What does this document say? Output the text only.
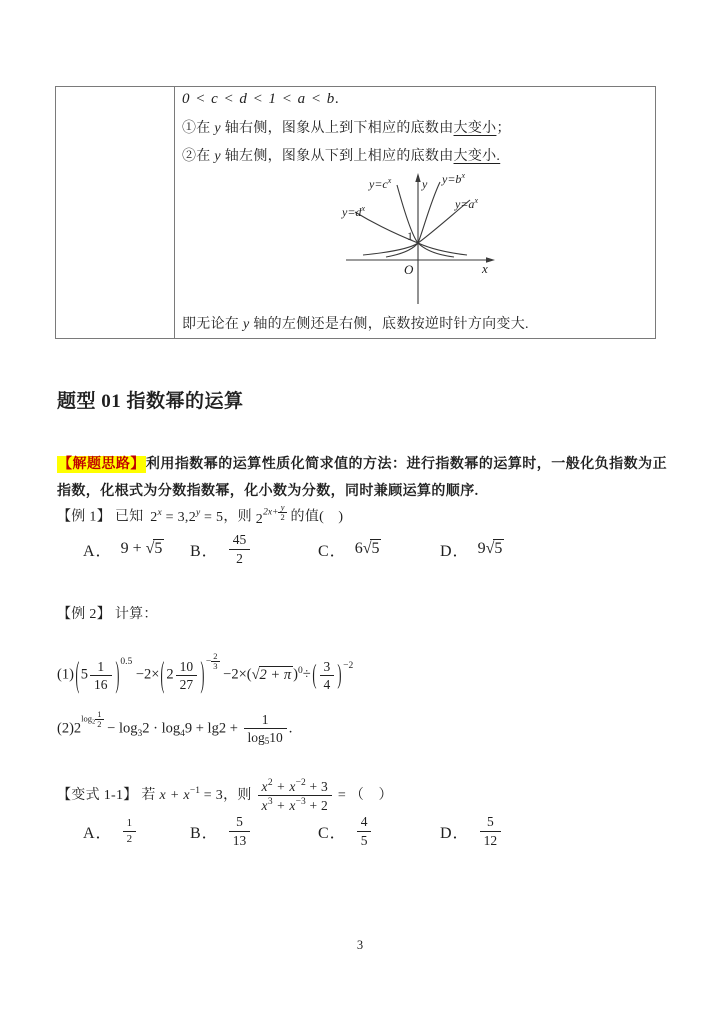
0 < c < d < 1 < a < b.
①在 y 轴右侧，图象从上到下相应的底数由大变小；
②在 y 轴左侧，图象从下到上相应的底数由大变小.
$y=c^x$	y $y=b^x$
$y=a^x$
$y=d^x$
1
O	x
即无论在 y 轴的左侧还是右侧，底数按逆时针方向变大.
题型 01 指数幂的运算

【解题思路】利用指数幂的运算性质化简求值的方法：进行指数幂的运算时，一般化负指数为正指数，化根式为分数指数幂，化小数为分数，同时兼顾运算的顺序.

【例 1】 已知 2x = 3,2y = 5，则 $22x+ \frac{y}{2}$ 的值(　)
A． 9 +
√5 B． $\frac{45}{2}$	C． 6 √5	D． 9 √5
【例 2】 计算：
$(1)(5 \frac{1}{16} )0.5 -2\times(2 \frac{10}{27}$ )− $\frac{2}{3}$
−2×(√2 + π )$0\div( \frac{3}{4} )-2$
$(2)2\log_2 \frac{1}{2} - \log 32 \cdot \log 49 + \lg 2 + \frac{1}{\log 510}$ .
【变式 1-1】 若 x + x−1 = 3，则 $\frac{x2 + x-2 + 3}{x3 + x-3 + 2}$ = （　）
A． $\frac{1}{2}$	B． $\frac{5}{13}$	C． $\frac{4}{5}$	D． $\frac{5}{12}$
3
